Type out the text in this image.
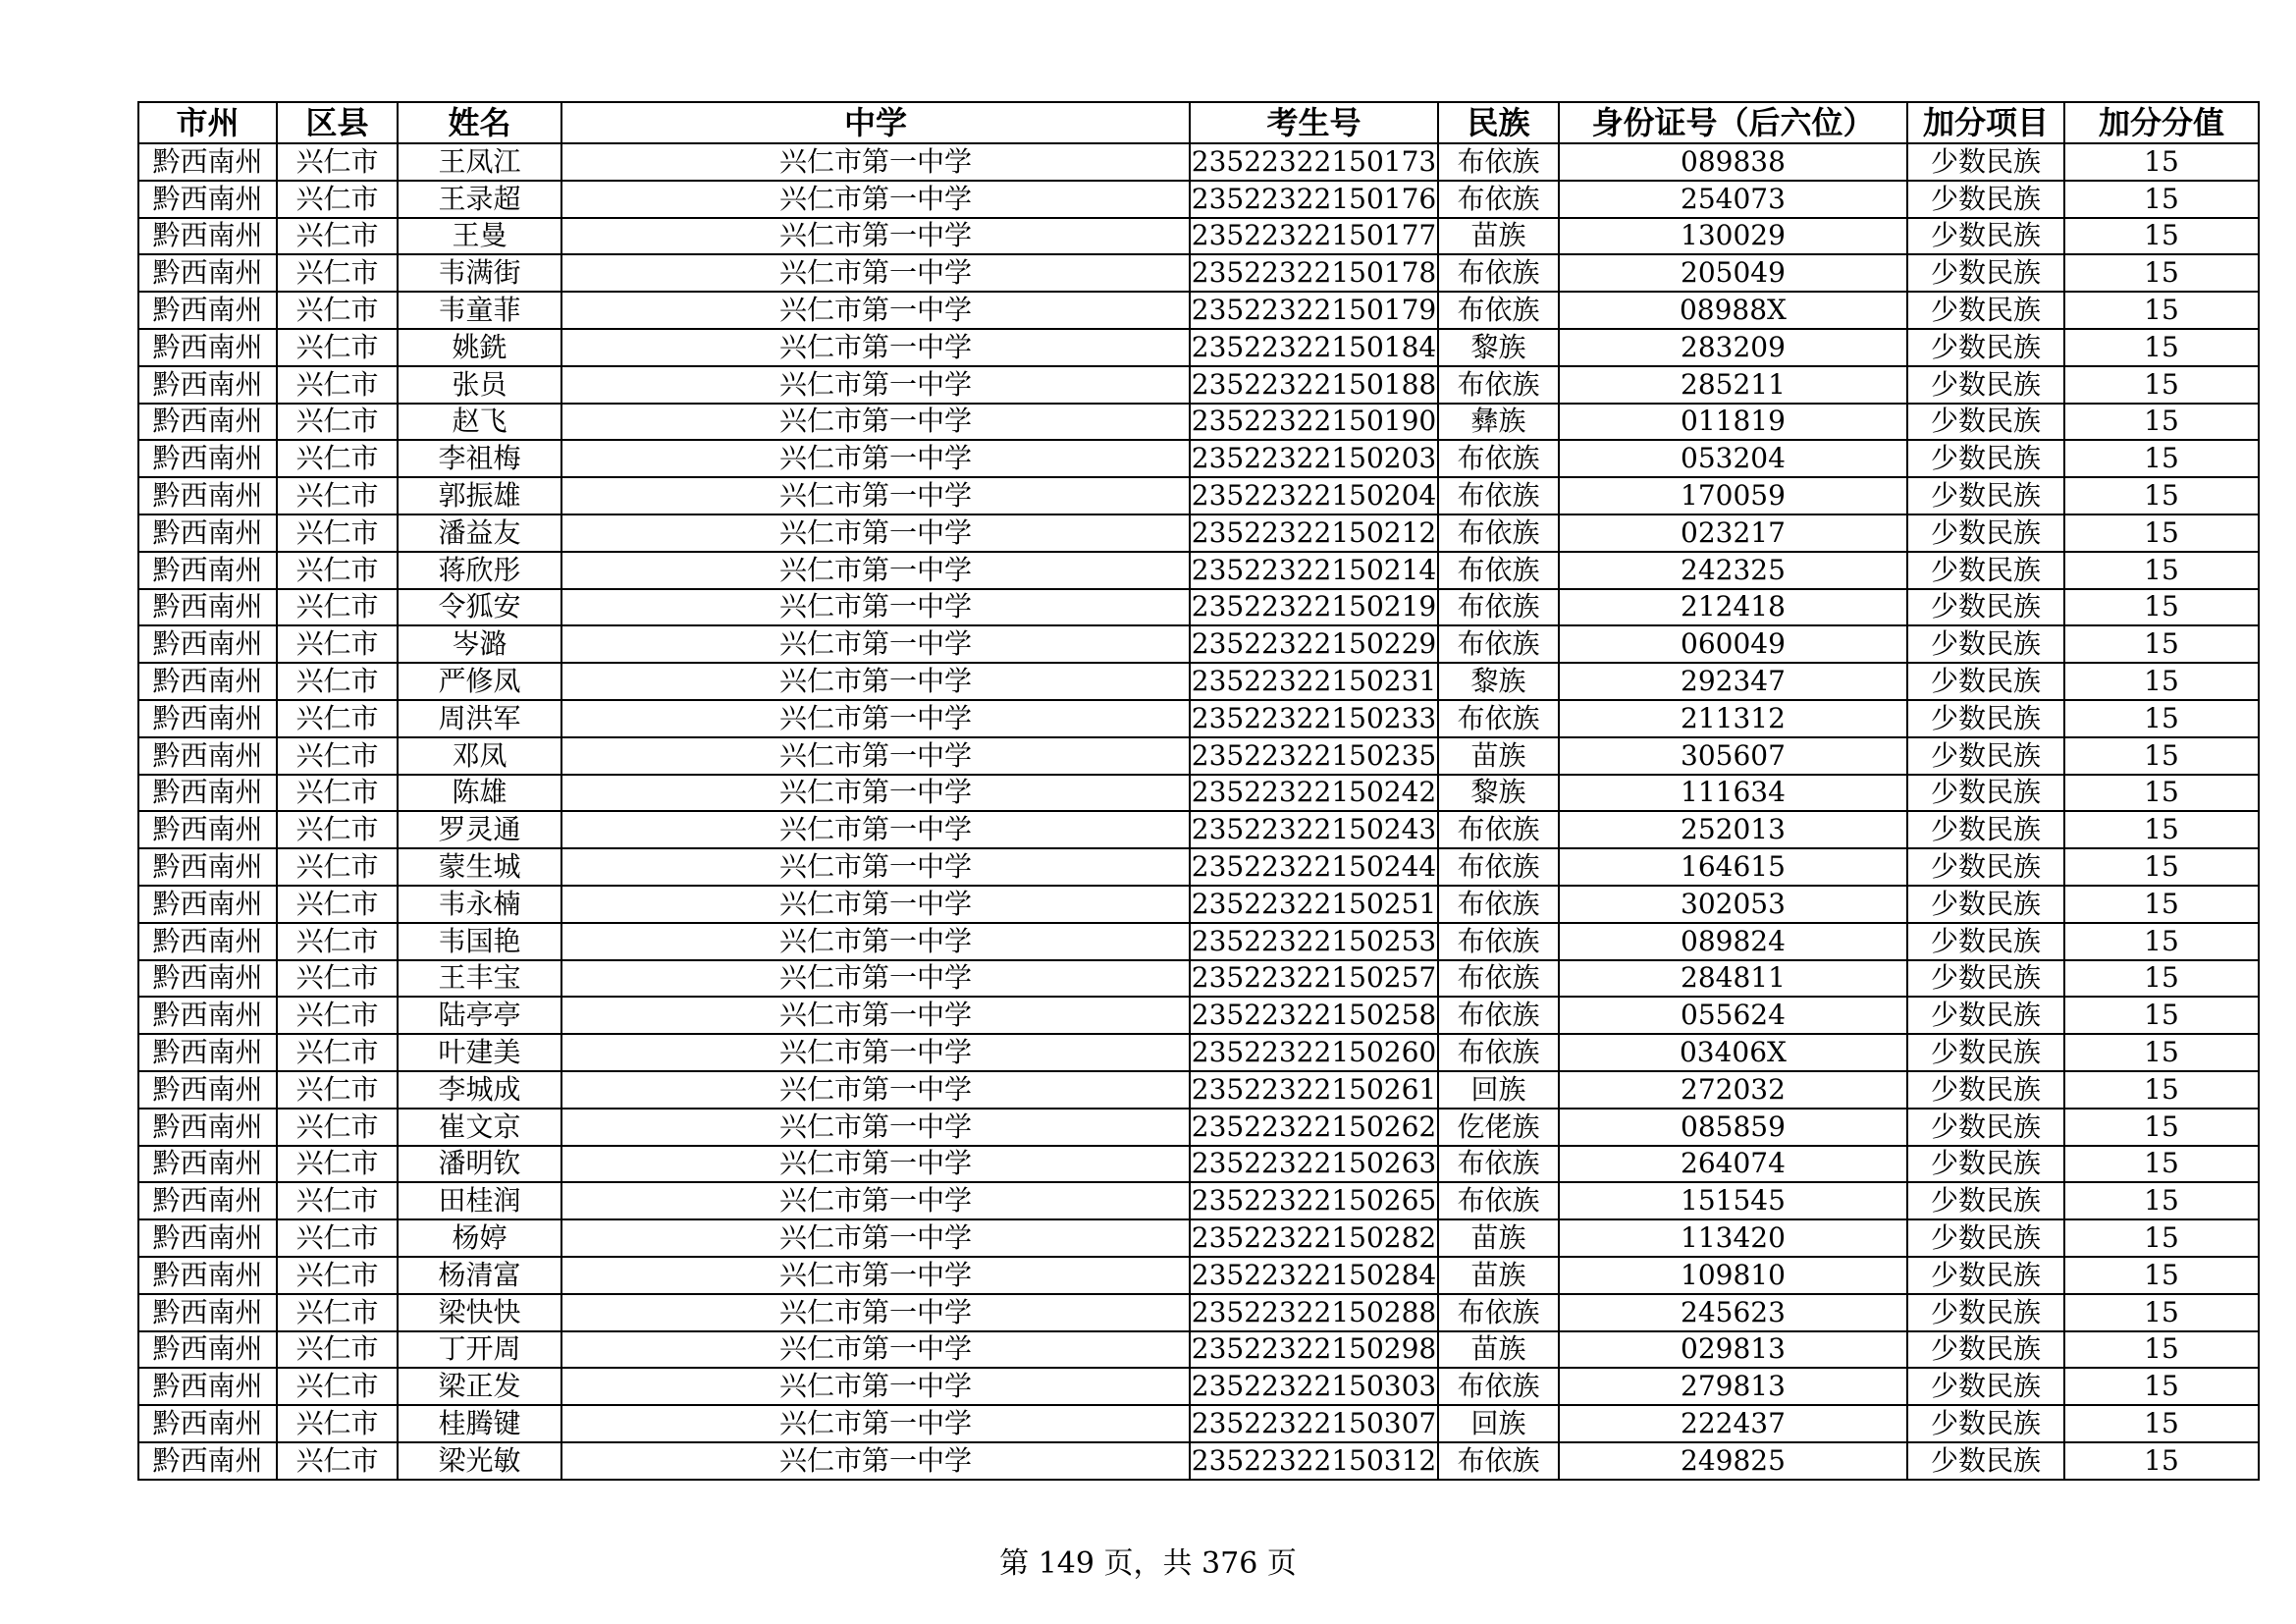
市州	区县	姓名	中学	考生号	民族	身份证号（后六位）	加分项目	加分分值
黔西南州	兴仁市	王凤江	兴仁市第一中学	23522322150173	布依族	089838	少数民族	15
黔西南州	兴仁市	王录超	兴仁市第一中学	23522322150176	布依族	254073	少数民族	15
黔西南州	兴仁市	王曼	兴仁市第一中学	23522322150177	苗族	130029	少数民族	15
黔西南州	兴仁市	韦满街	兴仁市第一中学	23522322150178	布依族	205049	少数民族	15
黔西南州	兴仁市	韦童菲	兴仁市第一中学	23522322150179	布依族	08988X	少数民族	15
黔西南州	兴仁市	姚銑	兴仁市第一中学	23522322150184	黎族	283209	少数民族	15
黔西南州	兴仁市	张员	兴仁市第一中学	23522322150188	布依族	285211	少数民族	15
黔西南州	兴仁市	赵飞	兴仁市第一中学	23522322150190	彝族	011819	少数民族	15
黔西南州	兴仁市	李祖梅	兴仁市第一中学	23522322150203	布依族	053204	少数民族	15
黔西南州	兴仁市	郭振雄	兴仁市第一中学	23522322150204	布依族	170059	少数民族	15
黔西南州	兴仁市	潘益友	兴仁市第一中学	23522322150212	布依族	023217	少数民族	15
黔西南州	兴仁市	蒋欣彤	兴仁市第一中学	23522322150214	布依族	242325	少数民族	15
黔西南州	兴仁市	令狐安	兴仁市第一中学	23522322150219	布依族	212418	少数民族	15
黔西南州	兴仁市	岑潞	兴仁市第一中学	23522322150229	布依族	060049	少数民族	15
黔西南州	兴仁市	严修凤	兴仁市第一中学	23522322150231	黎族	292347	少数民族	15
黔西南州	兴仁市	周洪军	兴仁市第一中学	23522322150233	布依族	211312	少数民族	15
黔西南州	兴仁市	邓凤	兴仁市第一中学	23522322150235	苗族	305607	少数民族	15
黔西南州	兴仁市	陈雄	兴仁市第一中学	23522322150242	黎族	111634	少数民族	15
黔西南州	兴仁市	罗灵通	兴仁市第一中学	23522322150243	布依族	252013	少数民族	15
黔西南州	兴仁市	蒙生城	兴仁市第一中学	23522322150244	布依族	164615	少数民族	15
黔西南州	兴仁市	韦永楠	兴仁市第一中学	23522322150251	布依族	302053	少数民族	15
黔西南州	兴仁市	韦国艳	兴仁市第一中学	23522322150253	布依族	089824	少数民族	15
黔西南州	兴仁市	王丰宝	兴仁市第一中学	23522322150257	布依族	284811	少数民族	15
黔西南州	兴仁市	陆亭亭	兴仁市第一中学	23522322150258	布依族	055624	少数民族	15
黔西南州	兴仁市	叶建美	兴仁市第一中学	23522322150260	布依族	03406X	少数民族	15
黔西南州	兴仁市	李城成	兴仁市第一中学	23522322150261	回族	272032	少数民族	15
黔西南州	兴仁市	崔文京	兴仁市第一中学	23522322150262	仡佬族	085859	少数民族	15
黔西南州	兴仁市	潘明钦	兴仁市第一中学	23522322150263	布依族	264074	少数民族	15
黔西南州	兴仁市	田桂润	兴仁市第一中学	23522322150265	布依族	151545	少数民族	15
黔西南州	兴仁市	杨婷	兴仁市第一中学	23522322150282	苗族	113420	少数民族	15
黔西南州	兴仁市	杨清富	兴仁市第一中学	23522322150284	苗族	109810	少数民族	15
黔西南州	兴仁市	梁快快	兴仁市第一中学	23522322150288	布依族	245623	少数民族	15
黔西南州	兴仁市	丁开周	兴仁市第一中学	23522322150298	苗族	029813	少数民族	15
黔西南州	兴仁市	梁正发	兴仁市第一中学	23522322150303	布依族	279813	少数民族	15
黔西南州	兴仁市	桂腾键	兴仁市第一中学	23522322150307	回族	222437	少数民族	15
黔西南州	兴仁市	梁光敏	兴仁市第一中学	23522322150312	布依族	249825	少数民族	15
第 149 页，共 376 页
